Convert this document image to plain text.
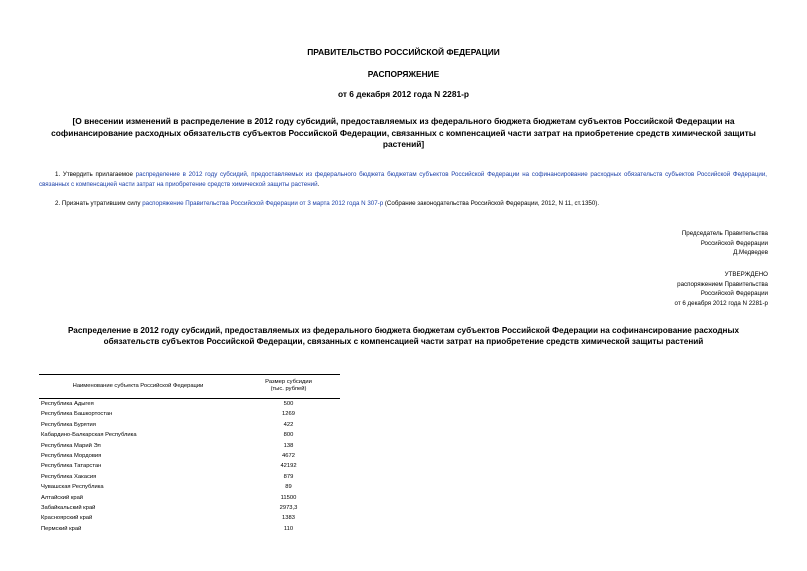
ПРАВИТЕЛЬСТВО РОССИЙСКОЙ ФЕДЕРАЦИИ
РАСПОРЯЖЕНИЕ
от 6 декабря 2012 года N 2281-р
[О внесении изменений в распределение в 2012 году субсидий, предоставляемых из федерального бюджета бюджетам субъектов Российской Федерации на софинансирование расходных обязательств субъектов Российской Федерации, связанных с компенсацией части затрат на приобретение средств химической защиты растений]
1. Утвердить прилагаемое распределение в 2012 году субсидий, предоставляемых из федерального бюджета бюджетам субъектов Российской Федерации на софинансирование расходных обязательств субъектов Российской Федерации, связанных с компенсацией части затрат на приобретение средств химической защиты растений.
2. Признать утратившим силу распоряжение Правительства Российской Федерации от 3 марта 2012 года N 307-р (Собрание законодательства Российской Федерации, 2012, N 11, ст.1350).
Председатель Правительства
Российской Федерации
Д.Медведев
УТВЕРЖДЕНО
распоряжением Правительства
Российской Федерации
от 6 декабря 2012 года N 2281-р
Распределение в 2012 году субсидий, предоставляемых из федерального бюджета бюджетам субъектов Российской Федерации на софинансирование расходных обязательств субъектов Российской Федерации, связанных с компенсацией части затрат на приобретение средств химической защиты растений
Наименование субъекта Российской Федерации	Размер субсидии
(тыс. рублей)
Республика Адыгея	500
Республика Башкортостан	1269
Республика Бурятия	422
Кабардино-Балкарская Республика	800
Республика Марий Эл	138
Республика Мордовия	4672
Республика Татарстан	42192
Республика Хакасия	879
Чувашская Республика	89
Алтайский край	11500
Забайкальский край	2973,3
Красноярский край	1383
Пермский край	110
